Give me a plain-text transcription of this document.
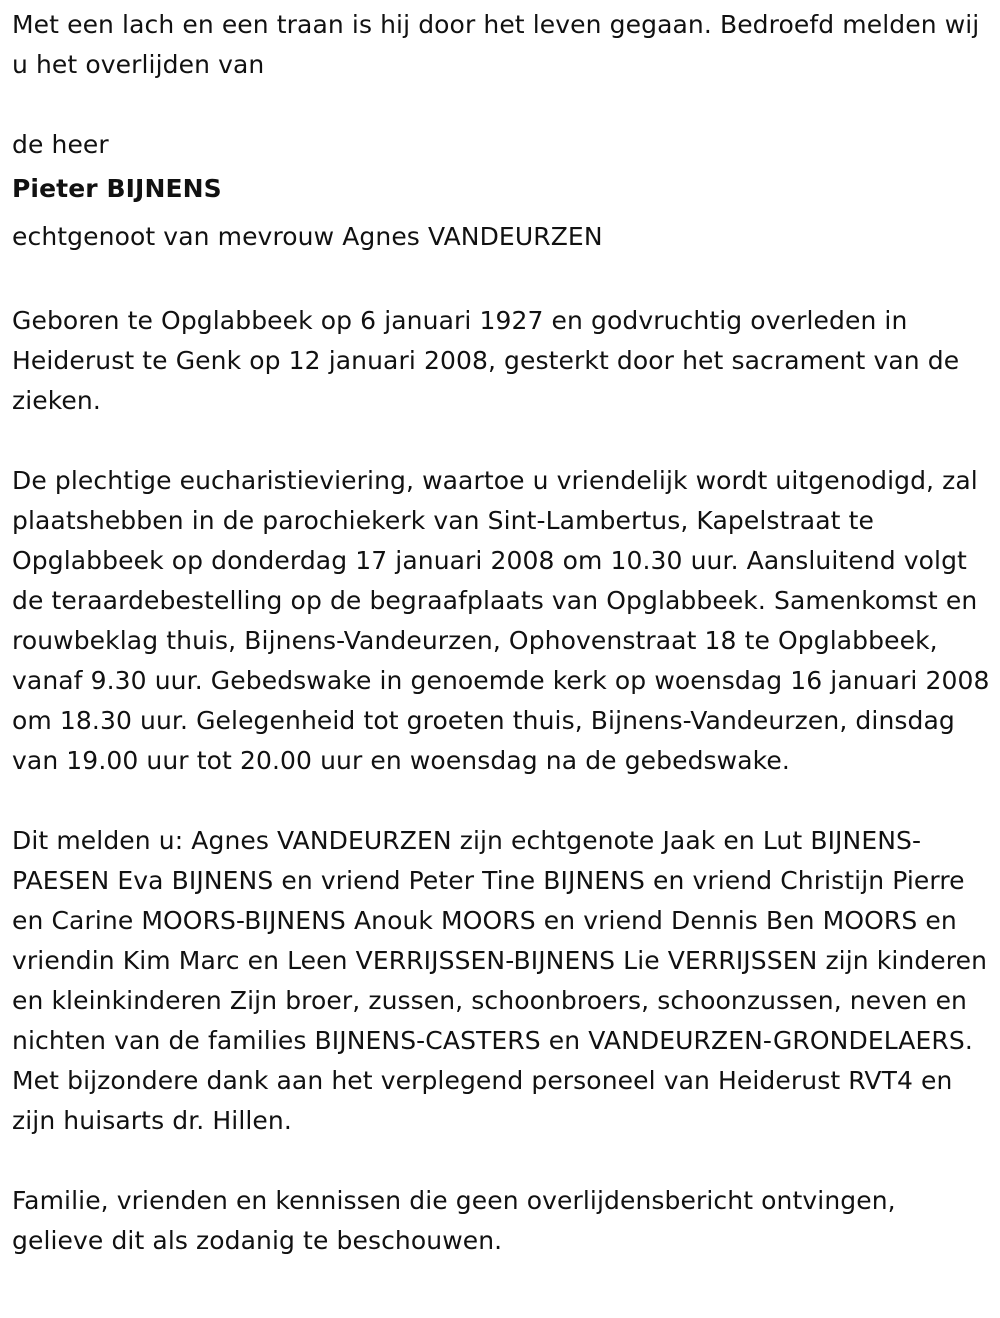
Met een lach en een traan is hij door het leven gegaan. Bedroefd melden wij u het overlijden van

de heer

Pieter BIJNENS

echtgenoot van mevrouw Agnes VANDEURZEN

Geboren te Opglabbeek op 6 januari 1927 en godvruchtig overleden in Heiderust te Genk op 12 januari 2008, gesterkt door het sacrament van de zieken.

De plechtige eucharistieviering, waartoe u vriendelijk wordt uitgenodigd, zal plaatshebben in de parochiekerk van Sint-Lambertus, Kapelstraat te Opglabbeek op donderdag 17 januari 2008 om 10.30 uur. Aansluitend volgt de teraardebestelling op de begraafplaats van Opglabbeek. Samenkomst en rouwbeklag thuis, Bijnens-Vandeurzen, Ophovenstraat 18 te Opglabbeek, vanaf 9.30 uur. Gebedswake in genoemde kerk op woensdag 16 januari 2008 om 18.30 uur. Gelegenheid tot groeten thuis, Bijnens-Vandeurzen, dinsdag van 19.00 uur tot 20.00 uur en woensdag na de gebedswake.

Dit melden u: Agnes VANDEURZEN zijn echtgenote Jaak en Lut BIJNENS-PAESEN Eva BIJNENS en vriend Peter Tine BIJNENS en vriend Christijn Pierre en Carine MOORS-BIJNENS Anouk MOORS en vriend Dennis Ben MOORS en vriendin Kim Marc en Leen VERRIJSSEN-BIJNENS Lie VERRIJSSEN zijn kinderen en kleinkinderen Zijn broer, zussen, schoonbroers, schoonzussen, neven en nichten van de families BIJNENS-CASTERS en VANDEURZEN-GRONDELAERS. Met bijzondere dank aan het verplegend personeel van Heiderust RVT4 en zijn huisarts dr. Hillen.

Familie, vrienden en kennissen die geen overlijdensbericht ontvingen, gelieve dit als zodanig te beschouwen.
